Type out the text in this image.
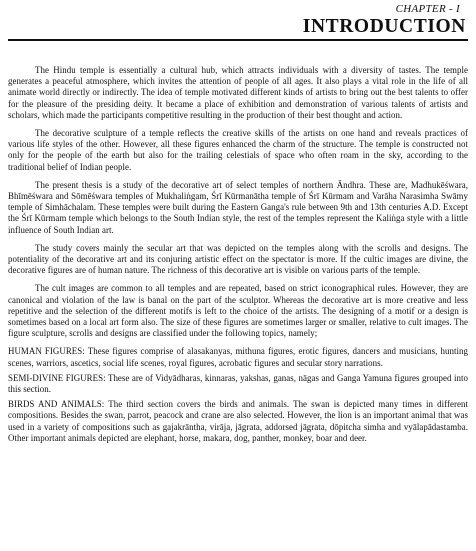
CHAPTER - I
INTRODUCTION

The Hindu temple is essentially a cultural hub, which attracts individuals with a diversity of tastes. The temple generates a peaceful atmosphere, which invites the attention of people of all ages. It also plays a vital role in the life of all animate world directly or indirectly. The idea of temple motivated different kinds of artists to bring out the best talents to offer for the pleasure of the presiding deity. It became a place of exhibition and demonstration of various talents of artists and scholars, which made the participants competitive resulting in the production of their best thought and action.

The decorative sculpture of a temple reflects the creative skills of the artists on one hand and reveals practices of various life styles of the other. However, all these figures enhanced the charm of the structure. The temple is constructed not only for the people of the earth but also for the trailing celestials of space who often roam in the sky, according to the traditional belief of Indian people.

The present thesis is a study of the decorative art of select temples of northern Āndhra. These are, Madhukēśwara, Bhīmēśwara and Sōmēśwara temples of Mukhaliṅgam, Śrī Kūrmanātha temple of Śrī Kūrmam and Varāha Narasimha Swāmy temple of Simhāchalam. These temples were built during the Eastern Ganga's rule between 9th and 13th centuries A.D. Except the Śrī Kūrmam temple which belongs to the South Indian style, the rest of the temples represent the Kaliṅga style with a little influence of South Indian art.

The study covers mainly the secular art that was depicted on the temples along with the scrolls and designs. The potentiality of the decorative art and its conjuring artistic effect on the spectator is more. If the cultic images are divine, the decorative figures are of human nature. The richness of this decorative art is visible on various parts of the temple.

The cult images are common to all temples and are repeated, based on strict iconographical rules. However, they are canonical and violation of the law is banal on the part of the sculptor. Whereas the decorative art is more creative and less repetitive and the selection of the different motifs is left to the choice of the artists. The designing of a motif or a design is sometimes based on a local art form also. The size of these figures are sometimes larger or smaller, relative to cult images. The figure sculpture, scrolls and designs are classified under the following topics, namely;

HUMAN FIGURES: These figures comprise of alasakanyas, mithuna figures, erotic figures, dancers and musicians, hunting scenes, warriors, ascetics, social life scenes, royal figures, acrobatic figures and secular story narrations.

SEMI-DIVINE FIGURES: These are of Vidyādharas, kinnaras, yakshas, ganas, nāgas and Ganga Yamuna figures grouped into this section.

BIRDS AND ANIMALS: The third section covers the birds and animals. The swan is depicted many times in different compositions. Besides the swan, parrot, peacock and crane are also selected. However, the lion is an important animal that was used in a variety of compositions such as gajakrāntha, virāja, jāgrata, addorsed jāgrata, dōpitcha simha and vyālapādastamba. Other important animals depicted are elephant, horse, makara, dog, panther, monkey, boar and deer.
